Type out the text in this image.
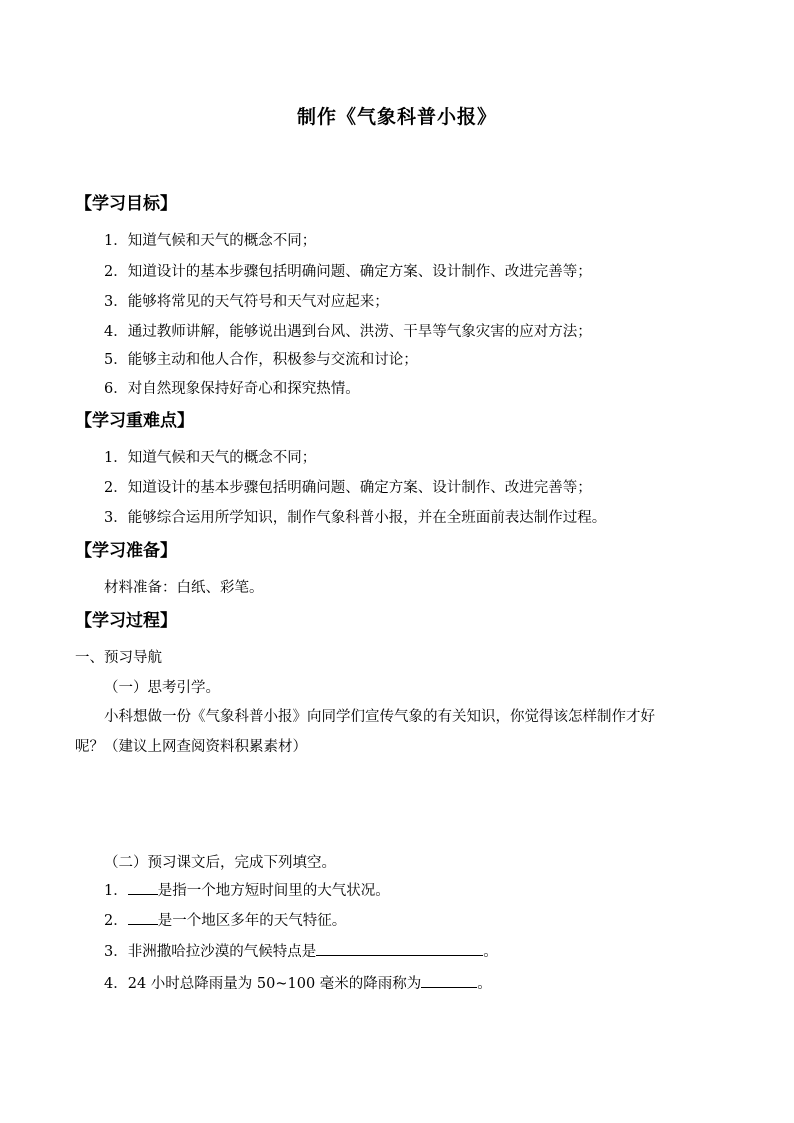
制作《气象科普小报》
【学习目标】
1．知道气候和天气的概念不同；
2．知道设计的基本步骤包括明确问题、确定方案、设计制作、改进完善等；
3．能够将常见的天气符号和天气对应起来；
4．通过教师讲解，能够说出遇到台风、洪涝、干旱等气象灾害的应对方法；
5．能够主动和他人合作，积极参与交流和讨论；
6．对自然现象保持好奇心和探究热情。
【学习重难点】
1．知道气候和天气的概念不同；
2．知道设计的基本步骤包括明确问题、确定方案、设计制作、改进完善等；
3．能够综合运用所学知识，制作气象科普小报，并在全班面前表达制作过程。
【学习准备】
材料准备：白纸、彩笔。
【学习过程】
一、预习导航
（一）思考引学。
小科想做一份《气象科普小报》向同学们宣传气象的有关知识，你觉得该怎样制作才好
呢？（建议上网查阅资料积累素材）
（二）预习课文后，完成下列填空。
1． 是指一个地方短时间里的大气状况。
2． 是一个地区多年的天气特征。
3．非洲撒哈拉沙漠的气候特点是	。
4．24 小时总降雨量为 50~100 毫米的降雨称为	。
